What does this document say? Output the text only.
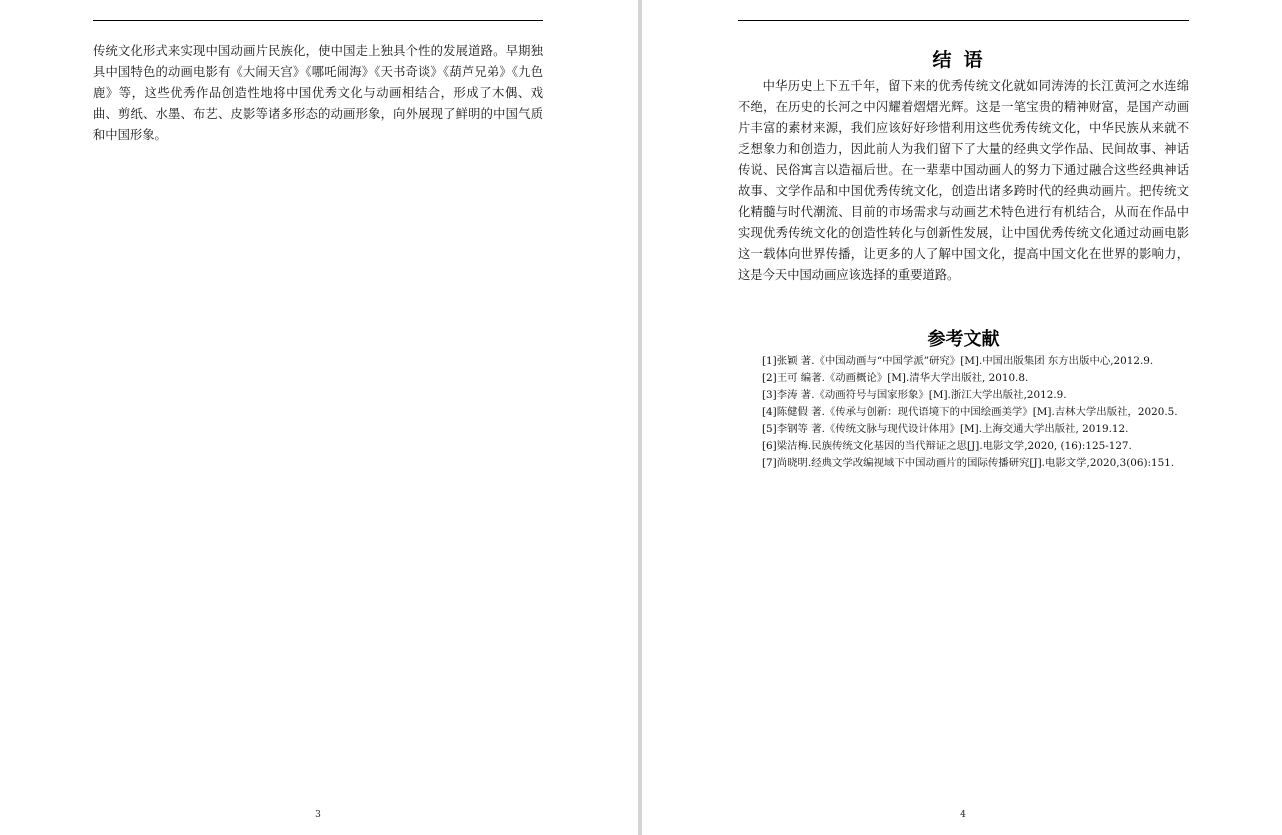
传统文化形式来实现中国动画片民族化，使中国走上独具个性的发展道路。早期独具中国特色的动画电影有《大闹天宫》《哪吒闹海》《天书奇谈》《葫芦兄弟》《九色鹿》等，这些优秀作品创造性地将中国优秀文化与动画相结合，形成了木偶、戏曲、剪纸、水墨、布艺、皮影等诸多形态的动画形象，向外展现了鲜明的中国气质和中国形象。

3
结语

中华历史上下五千年，留下来的优秀传统文化就如同涛涛的长江黄河之水连绵不绝，在历史的长河之中闪耀着熠熠光辉。这是一笔宝贵的精神财富，是国产动画片丰富的素材来源，我们应该好好珍惜利用这些优秀传统文化，中华民族从来就不乏想象力和创造力，因此前人为我们留下了大量的经典文学作品、民间故事、神话传说、民俗寓言以造福后世。在一辈辈中国动画人的努力下通过融合这些经典神话故事、文学作品和中国优秀传统文化，创造出诸多跨时代的经典动画片。把传统文化精髓与时代潮流、目前的市场需求与动画艺术特色进行有机结合，从而在作品中实现优秀传统文化的创造性转化与创新性发展，让中国优秀传统文化通过动画电影这一载体向世界传播，让更多的人了解中国文化，提高中国文化在世界的影响力，这是今天中国动画应该选择的重要道路。

参考文献
[1]张颖 著.《中国动画与“中国学派”研究》[M].中国出版集团 东方出版中心,2012.9.
[2]王可 编著.《动画概论》[M].清华大学出版社, 2010.8.
[3]李涛 著.《动画符号与国家形象》[M].浙江大学出版社,2012.9.
[4]陈健假 著.《传承与创新：现代语境下的中国绘画美学》[M].吉林大学出版社，2020.5.
[5]李钢等 著.《传统文脉与现代设计体用》[M].上海交通大学出版社, 2019.12.
[6]梁洁梅.民族传统文化基因的当代辩证之思[J].电影文学,2020, (16):125-127.
[7]尚晓明.经典文学改编视域下中国动画片的国际传播研究[J].电影文学,2020,3(06):151.
4
